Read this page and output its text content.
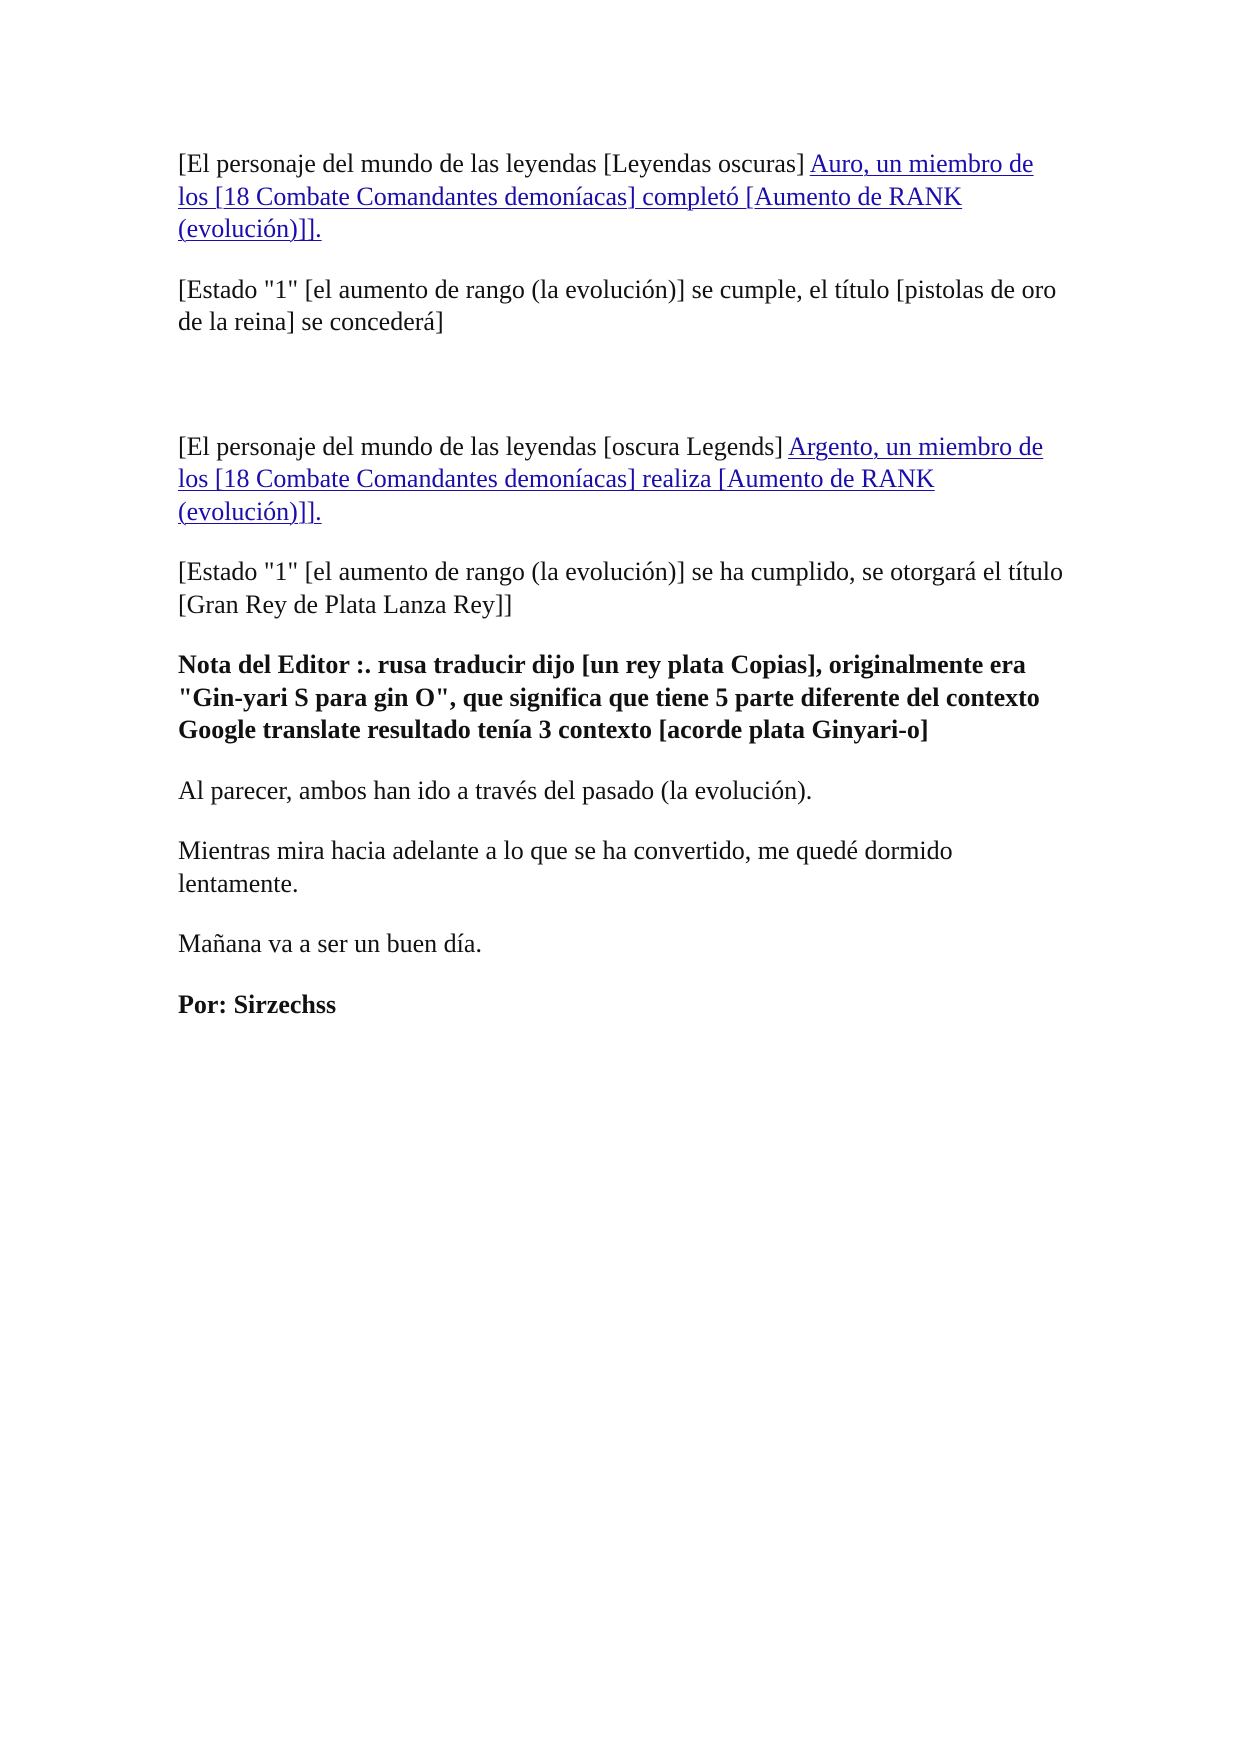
[El personaje del mundo de las leyendas [Leyendas oscuras] Auro, un miembro de los [18 Combate Comandantes demoníacas] completó [Aumento de RANK (evolución)]].

[Estado "1" [el aumento de rango (la evolución)] se cumple, el título [pistolas de oro de la reina] se concederá]

[El personaje del mundo de las leyendas [oscura Legends] Argento, un miembro de los [18 Combate Comandantes demoníacas] realiza [Aumento de RANK (evolución)]].

[Estado "1" [el aumento de rango (la evolución)] se ha cumplido, se otorgará el título [Gran Rey de Plata Lanza Rey]]

Nota del Editor :. rusa traducir dijo [un rey plata Copias], originalmente era "Gin-yari S para gin O", que significa que tiene 5 parte diferente del contexto Google translate resultado tenía 3 contexto [acorde plata Ginyari-o]

Al parecer, ambos han ido a través del pasado (la evolución).

Mientras mira hacia adelante a lo que se ha convertido, me quedé dormido lentamente.

Mañana va a ser un buen día.

Por: Sirzechss
